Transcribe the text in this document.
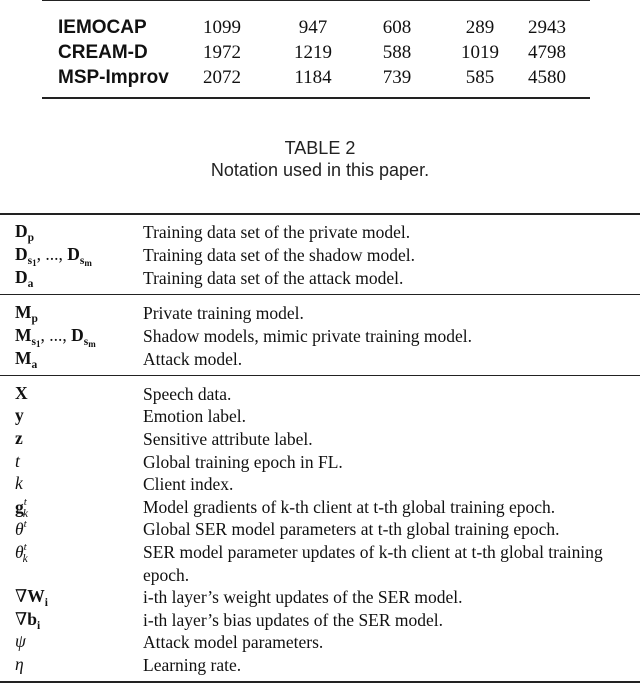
IEMOCAP	1099	947	608	289	2943
CREAM-D	1972	1219	588	1019	4798
MSP-Improv	2072	1184	739	585	4580
TABLE 2
Notation used in this paper.
$D_p$	Training data set of the private model.
$D_{s1}$, ..., $D_{sm}$	Training data set of the shadow model.
$D_a$	Training data set of the attack model.
$M_p$	Private training model.
$M_{s1}$, ..., $D_{sm}$	Shadow models, mimic private training model.
$M_a$	Attack model.
X	Speech data.
y	Emotion label.
z	Sensitive attribute label.
t	Global training epoch in FL.
k	Client index.
$g^t_k$	Model gradients of k-th client at t-th global training epoch.
$\theta^t$	Global SER model parameters at t-th global training epoch.
$\theta^t_k$	SER model parameter updates of k-th client at t-th global training epoch.
$\nabla W_i$	i-th layer’s weight updates of the SER model.
$\nabla b_i$	i-th layer’s bias updates of the SER model.
ψ	Attack model parameters.
η	Learning rate.
